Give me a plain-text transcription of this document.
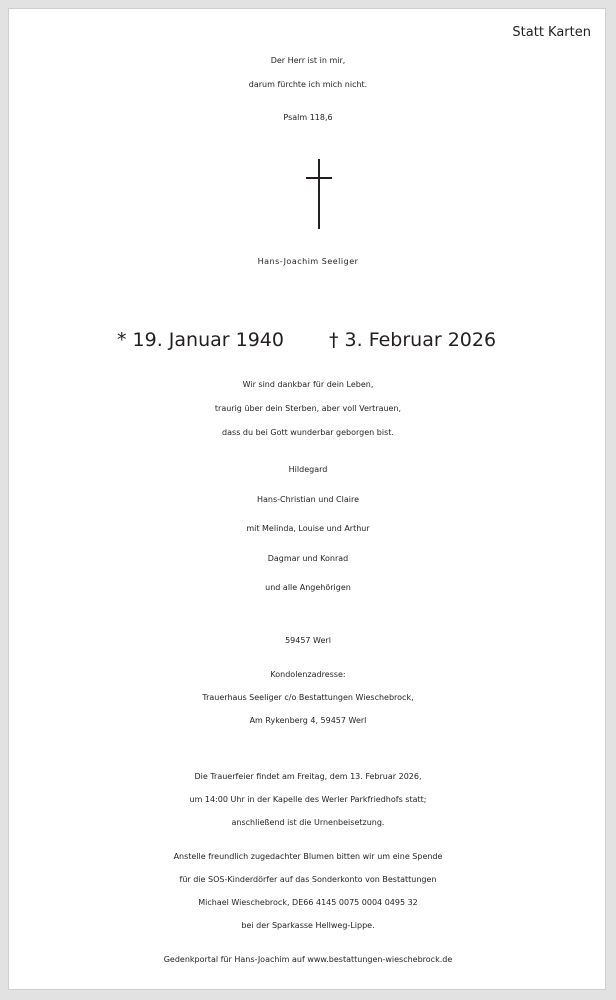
Statt Karten
Der Herr ist in mir,
darum fürchte ich mich nicht.
Psalm 118,6
Hans-Joachim Seeliger
* 19. Januar 1940 † 3. Februar 2026
Wir sind dankbar für dein Leben,
traurig über dein Sterben, aber voll Vertrauen,
dass du bei Gott wunderbar geborgen bist.
Hildegard
Hans-Christian und Claire
mit Melinda, Louise und Arthur
Dagmar und Konrad
und alle Angehörigen
59457 Werl
Kondolenzadresse:
Trauerhaus Seeliger c/o Bestattungen Wieschebrock,
Am Rykenberg 4, 59457 Werl
Die Trauerfeier findet am Freitag, dem 13. Februar 2026,
um 14:00 Uhr in der Kapelle des Werler Parkfriedhofs statt;
anschließend ist die Urnenbeisetzung.
Anstelle freundlich zugedachter Blumen bitten wir um eine Spende
für die SOS-Kinderdörfer auf das Sonderkonto von Bestattungen
Michael Wieschebrock, DE66 4145 0075 0004 0495 32
bei der Sparkasse Hellweg-Lippe.
Gedenkportal für Hans-Joachim auf www.bestattungen-wieschebrock.de
